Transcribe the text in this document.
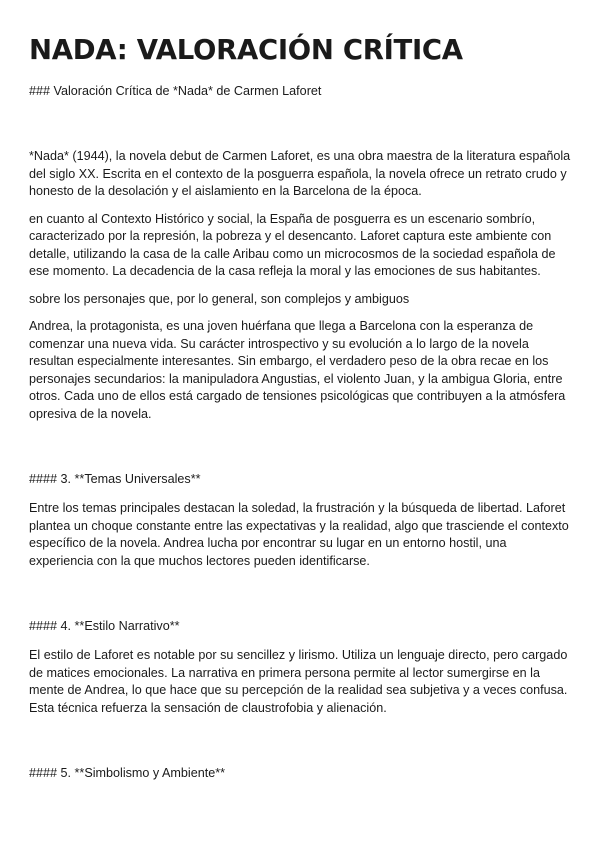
NADA: VALORACIÓN CRÍTICA
### Valoración Crítica de *Nada* de Carmen Laforet

*Nada* (1944), la novela debut de Carmen Laforet, es una obra maestra de la literatura española del siglo XX. Escrita en el contexto de la posguerra española, la novela ofrece un retrato crudo y honesto de la desolación y el aislamiento en la Barcelona de la época.

en cuanto al Contexto Histórico y social, la España de posguerra es un escenario sombrío, caracterizado por la represión, la pobreza y el desencanto. Laforet captura este ambiente con detalle, utilizando la casa de la calle Aribau como un microcosmos de la sociedad española de ese momento. La decadencia de la casa refleja la moral y las emociones de sus habitantes.

sobre los personajes que, por lo general, son complejos y ambiguos

Andrea, la protagonista, es una joven huérfana que llega a Barcelona con la esperanza de comenzar una nueva vida. Su carácter introspectivo y su evolución a lo largo de la novela resultan especialmente interesantes. Sin embargo, el verdadero peso de la obra recae en los personajes secundarios: la manipuladora Angustias, el violento Juan, y la ambigua Gloria, entre otros. Cada uno de ellos está cargado de tensiones psicológicas que contribuyen a la atmósfera opresiva de la novela.

#### 3. **Temas Universales**

Entre los temas principales destacan la soledad, la frustración y la búsqueda de libertad. Laforet plantea un choque constante entre las expectativas y la realidad, algo que trasciende el contexto específico de la novela. Andrea lucha por encontrar su lugar en un entorno hostil, una experiencia con la que muchos lectores pueden identificarse.

#### 4. **Estilo Narrativo**

El estilo de Laforet es notable por su sencillez y lirismo. Utiliza un lenguaje directo, pero cargado de matices emocionales. La narrativa en primera persona permite al lector sumergirse en la mente de Andrea, lo que hace que su percepción de la realidad sea subjetiva y a veces confusa. Esta técnica refuerza la sensación de claustrofobia y alienación.

#### 5. **Simbolismo y Ambiente**
